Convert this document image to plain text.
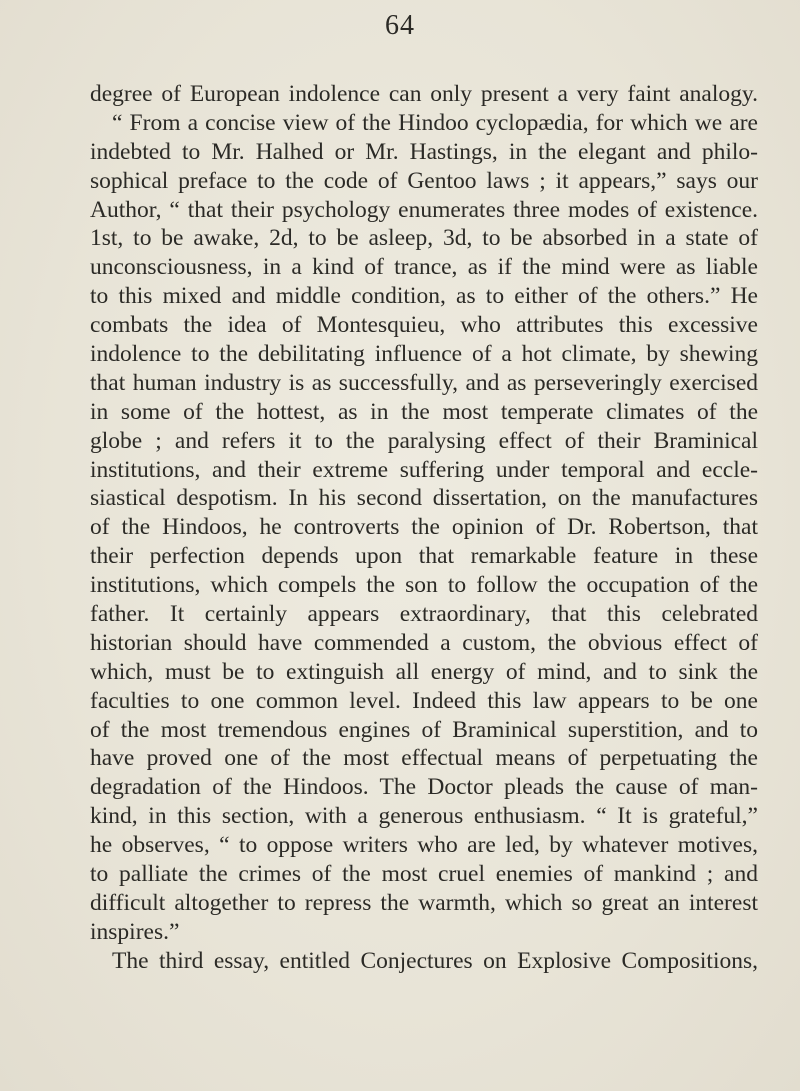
64
degree of European indolence can only present a very faint analogy.
“ From a concise view of the Hindoo cyclopædia, for which we are
indebted to Mr. Halhed or Mr. Hastings, in the elegant and philo-
sophical preface to the code of Gentoo laws ; it appears,” says our
Author, “ that their psychology enumerates three modes of existence.
1st, to be awake, 2d, to be asleep, 3d, to be absorbed in a state of
unconsciousness, in a kind of trance, as if the mind were as liable
to this mixed and middle condition, as to either of the others.” He
combats the idea of Montesquieu, who attributes this excessive
indolence to the debilitating influence of a hot climate, by shewing
that human industry is as successfully, and as perseveringly exercised
in some of the hottest, as in the most temperate climates of the
globe ; and refers it to the paralysing effect of their Braminical
institutions, and their extreme suffering under temporal and eccle-
siastical despotism. In his second dissertation, on the manufactures
of the Hindoos, he controverts the opinion of Dr. Robertson, that
their perfection depends upon that remarkable feature in these
institutions, which compels the son to follow the occupation of the
father. It certainly appears extraordinary, that this celebrated
historian should have commended a custom, the obvious effect of
which, must be to extinguish all energy of mind, and to sink the
faculties to one common level. Indeed this law appears to be one
of the most tremendous engines of Braminical superstition, and to
have proved one of the most effectual means of perpetuating the
degradation of the Hindoos. The Doctor pleads the cause of man-
kind, in this section, with a generous enthusiasm. “ It is grateful,”
he observes, “ to oppose writers who are led, by whatever motives,
to palliate the crimes of the most cruel enemies of mankind ; and
difficult altogether to repress the warmth, which so great an interest
inspires.”
The third essay, entitled Conjectures on Explosive Compositions,
